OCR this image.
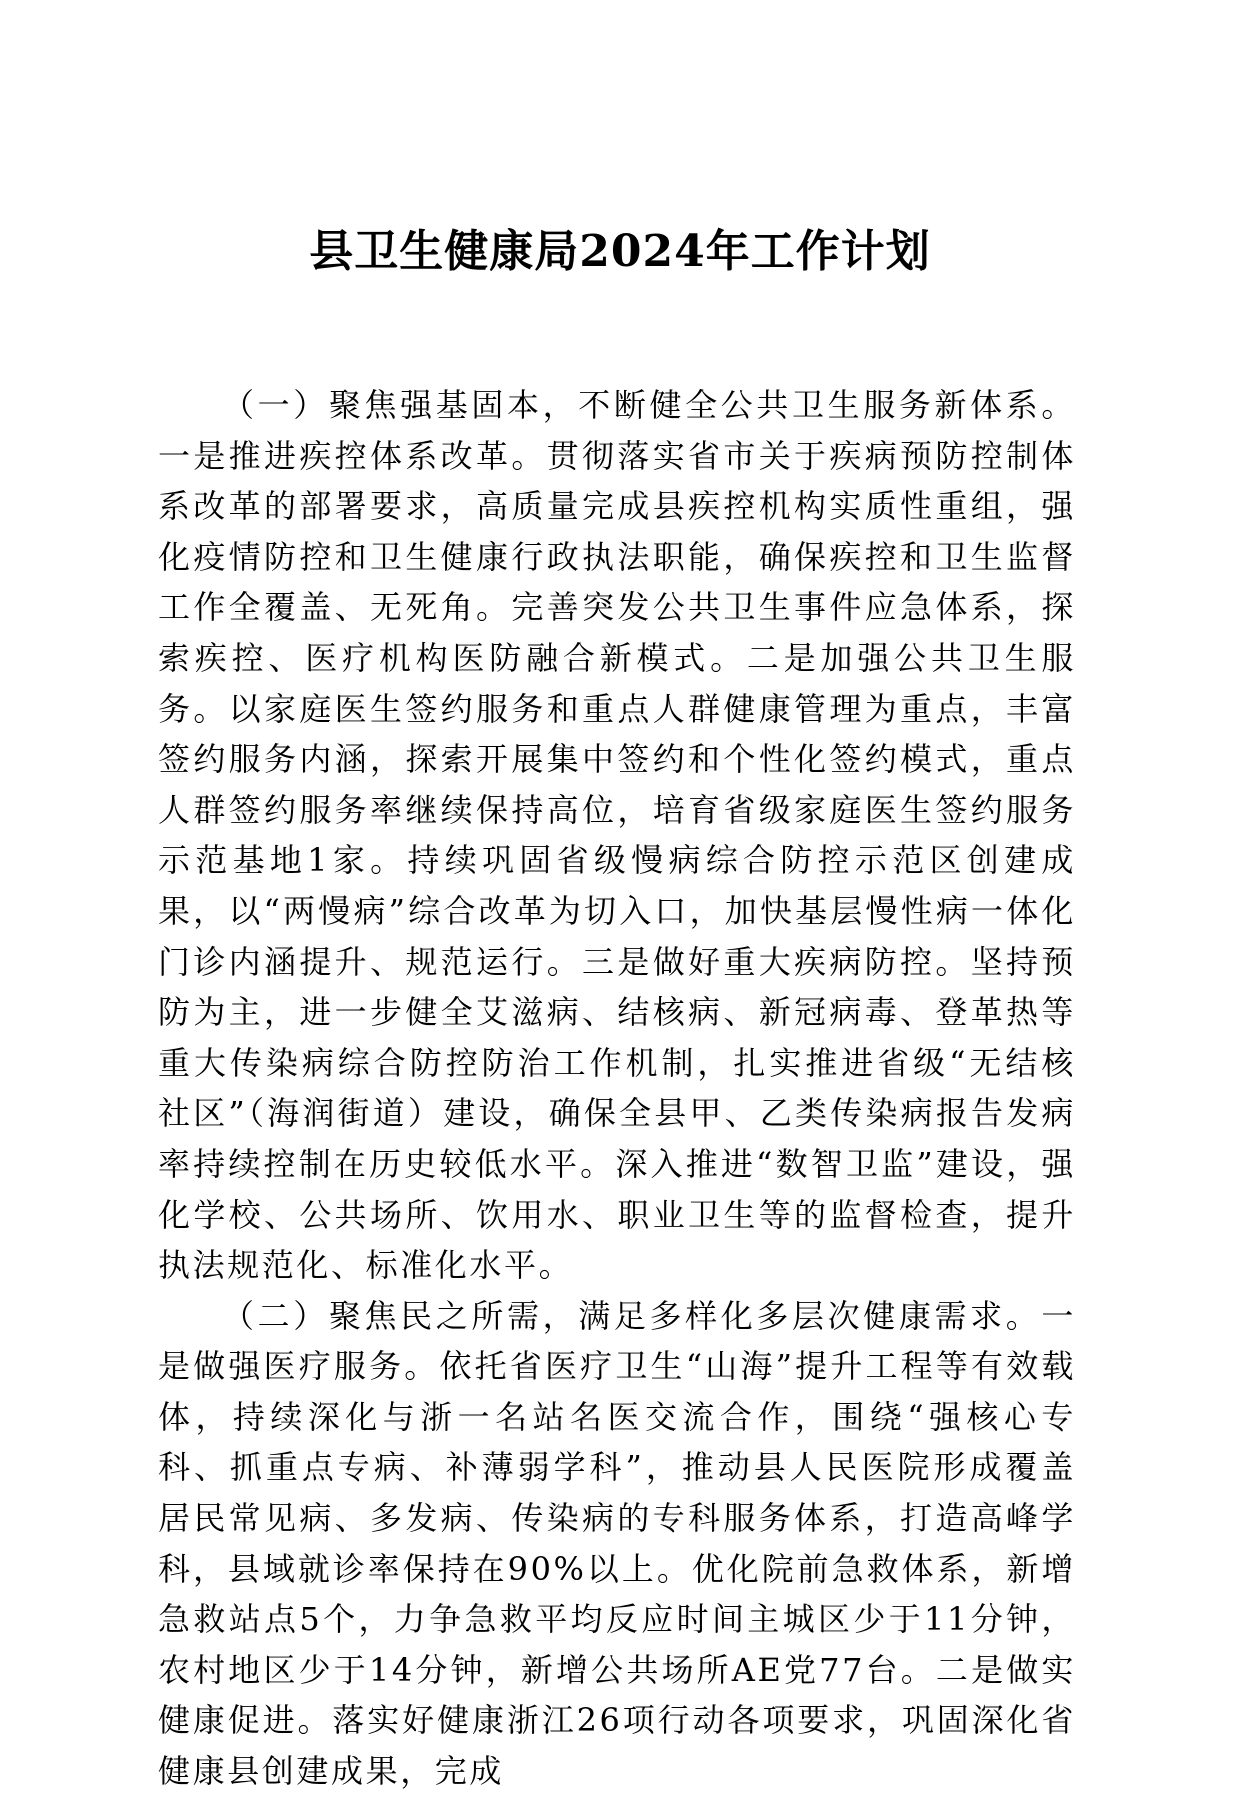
县卫生健康局2024年工作计划

（一）聚焦强基固本，不断健全公共卫生服务新体系。一是推进疾控体系改革。贯彻落实省市关于疾病预防控制体系改革的部署要求，高质量完成县疾控机构实质性重组，强化疫情防控和卫生健康行政执法职能，确保疾控和卫生监督工作全覆盖、无死角。完善突发公共卫生事件应急体系，探索疾控、医疗机构医防融合新模式。二是加强公共卫生服务。以家庭医生签约服务和重点人群健康管理为重点，丰富签约服务内涵，探索开展集中签约和个性化签约模式，重点人群签约服务率继续保持高位，培育省级家庭医生签约服务示范基地1家。持续巩固省级慢病综合防控示范区创建成果，以“两慢病”综合改革为切入口，加快基层慢性病一体化门诊内涵提升、规范运行。三是做好重大疾病防控。坚持预防为主，进一步健全艾滋病、结核病、新冠病毒、登革热等重大传染病综合防控防治工作机制，扎实推进省级“无结核社区”（海润街道）建设，确保全县甲、乙类传染病报告发病率持续控制在历史较低水平。深入推进“数智卫监”建设，强化学校、公共场所、饮用水、职业卫生等的监督检查，提升执法规范化、标准化水平。

（二）聚焦民之所需，满足多样化多层次健康需求。一是做强医疗服务。依托省医疗卫生“山海”提升工程等有效载体，持续深化与浙一名站名医交流合作，围绕“强核心专科、抓重点专病、补薄弱学科”，推动县人民医院形成覆盖居民常见病、多发病、传染病的专科服务体系，打造高峰学科，县域就诊率保持在90%以上。优化院前急救体系，新增急救站点5个，力争急救平均反应时间主城区少于11分钟，农村地区少于14分钟，新增公共场所AE党77台。二是做实健康促进。落实好健康浙江26项行动各项要求，巩固深化省健康县创建成果，完成
